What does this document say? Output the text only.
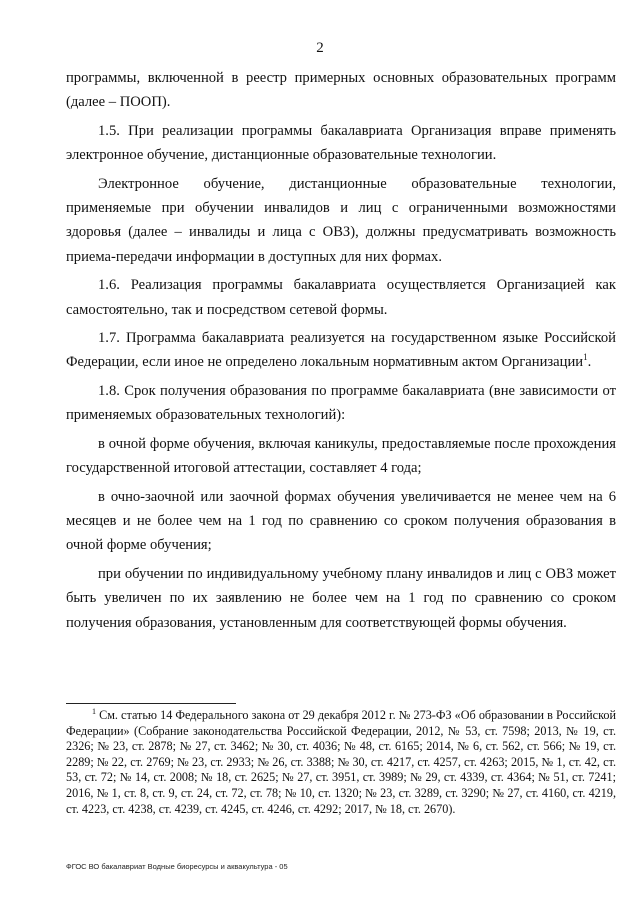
2

программы, включенной в реестр примерных основных образовательных программ (далее – ПООП).

1.5. При реализации программы бакалавриата Организация вправе применять электронное обучение, дистанционные образовательные технологии.

Электронное обучение, дистанционные образовательные технологии, применяемые при обучении инвалидов и лиц с ограниченными возможностями здоровья (далее – инвалиды и лица с ОВЗ), должны предусматривать возможность приема-передачи информации в доступных для них формах.

1.6. Реализация программы бакалавриата осуществляется Организацией как самостоятельно, так и посредством сетевой формы.

1.7. Программа бакалавриата реализуется на государственном языке Российской Федерации, если иное не определено локальным нормативным актом Организации$^1$.

1.8. Срок получения образования по программе бакалавриата (вне зависимости от применяемых образовательных технологий):

в очной форме обучения, включая каникулы, предоставляемые после прохождения государственной итоговой аттестации, составляет 4 года;

в очно-заочной или заочной формах обучения увеличивается не менее чем на 6 месяцев и не более чем на 1 год по сравнению со сроком получения образования в очной форме обучения;

при обучении по индивидуальному учебному плану инвалидов и лиц с ОВЗ может быть увеличен по их заявлению не более чем на 1 год по сравнению со сроком получения образования, установленным для соответствующей формы обучения.

$^1$ См. статью 14 Федерального закона от 29 декабря 2012 г. № 273-ФЗ «Об образовании в Российской Федерации» (Собрание законодательства Российской Федерации, 2012, № 53, ст. 7598; 2013, № 19, ст. 2326; № 23, ст. 2878; № 27, ст. 3462; № 30, ст. 4036; № 48, ст. 6165; 2014, № 6, ст. 562, ст. 566; № 19, ст. 2289; № 22, ст. 2769; № 23, ст. 2933; № 26, ст. 3388; № 30, ст. 4217, ст. 4257, ст. 4263; 2015, № 1, ст. 42, ст. 53, ст. 72; № 14, ст. 2008; № 18, ст. 2625; № 27, ст. 3951, ст. 3989; № 29, ст. 4339, ст. 4364; № 51, ст. 7241; 2016, № 1, ст. 8, ст. 9, ст. 24, ст. 72, ст. 78; № 10, ст. 1320; № 23, ст. 3289, ст. 3290; № 27, ст. 4160, ст. 4219, ст. 4223, ст. 4238, ст. 4239, ст. 4245, ст. 4246, ст. 4292; 2017, № 18, ст. 2670).

ФГОС ВО бакалавриат Водные биоресурсы и аквакультура - 05
